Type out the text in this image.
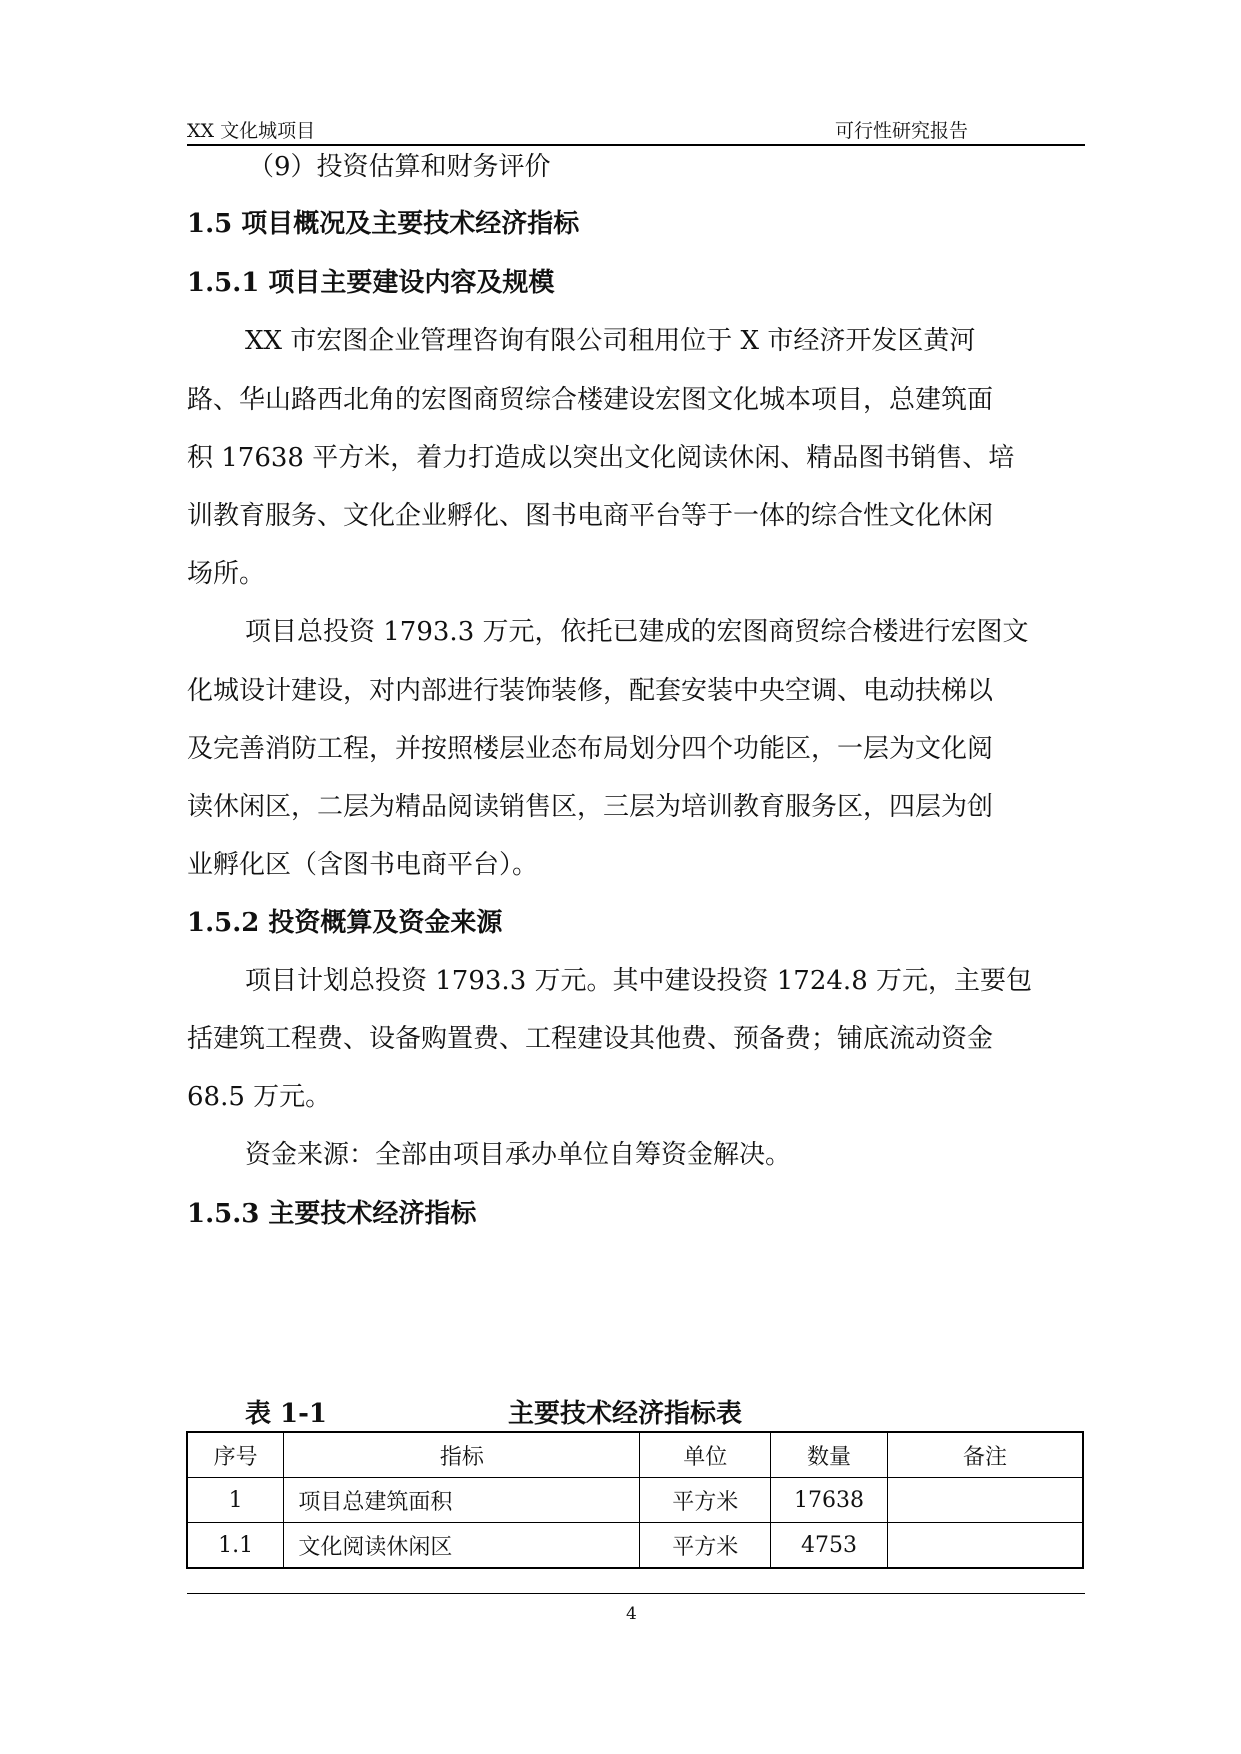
XX 文化城项目	可行性研究报告
（9）投资估算和财务评价
1.5 项目概况及主要技术经济指标
1.5.1 项目主要建设内容及规模
XX 市宏图企业管理咨询有限公司租用位于 X 市经济开发区黄河
路、华山路西北角的宏图商贸综合楼建设宏图文化城本项目，总建筑面
积 17638 平方米，着力打造成以突出文化阅读休闲、精品图书销售、培
训教育服务、文化企业孵化、图书电商平台等于一体的综合性文化休闲
场所。
项目总投资 1793.3 万元，依托已建成的宏图商贸综合楼进行宏图文
化城设计建设，对内部进行装饰装修，配套安装中央空调、电动扶梯以
及完善消防工程，并按照楼层业态布局划分四个功能区，一层为文化阅
读休闲区，二层为精品阅读销售区，三层为培训教育服务区，四层为创
业孵化区（含图书电商平台）。
1.5.2 投资概算及资金来源
项目计划总投资 1793.3 万元。其中建设投资 1724.8 万元，主要包
括建筑工程费、设备购置费、工程建设其他费、预备费；铺底流动资金
68.5 万元。
资金来源：全部由项目承办单位自筹资金解决。
1.5.3 主要技术经济指标
表 1-1	主要技术经济指标表
序号	指标	单位	数量	备注
1	项目总建筑面积	平方米	17638	
1.1	文化阅读休闲区	平方米	4753	
4
